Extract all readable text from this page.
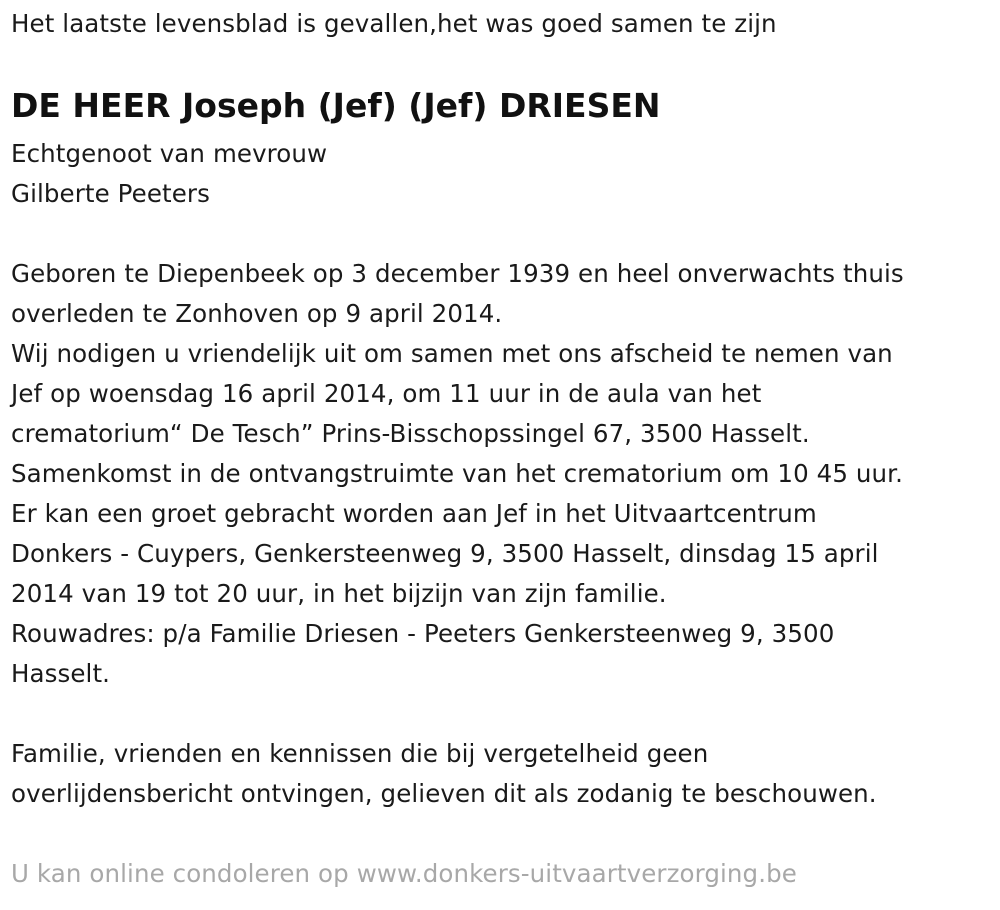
Het laatste levensblad is gevallen,het was goed samen te zijn
DE HEER Joseph (Jef) (Jef) DRIESEN
Echtgenoot van mevrouw
Gilberte Peeters
Geboren te Diepenbeek op 3 december 1939 en heel onverwachts thuis
overleden te Zonhoven op 9 april 2014.
Wij nodigen u vriendelijk uit om samen met ons afscheid te nemen van
Jef op woensdag 16 april 2014, om 11 uur in de aula van het
crematorium“ De Tesch” Prins-Bisschopssingel 67, 3500 Hasselt.
Samenkomst in de ontvangstruimte van het crematorium om 10 45 uur.
Er kan een groet gebracht worden aan Jef in het Uitvaartcentrum
Donkers - Cuypers, Genkersteenweg 9, 3500 Hasselt, dinsdag 15 april
2014 van 19 tot 20 uur, in het bijzijn van zijn familie.
Rouwadres: p/a Familie Driesen - Peeters Genkersteenweg 9, 3500
Hasselt.
Familie, vrienden en kennissen die bij vergetelheid geen
overlijdensbericht ontvingen, gelieven dit als zodanig te beschouwen.
U kan online condoleren op www.donkers-uitvaartverzorging.be
